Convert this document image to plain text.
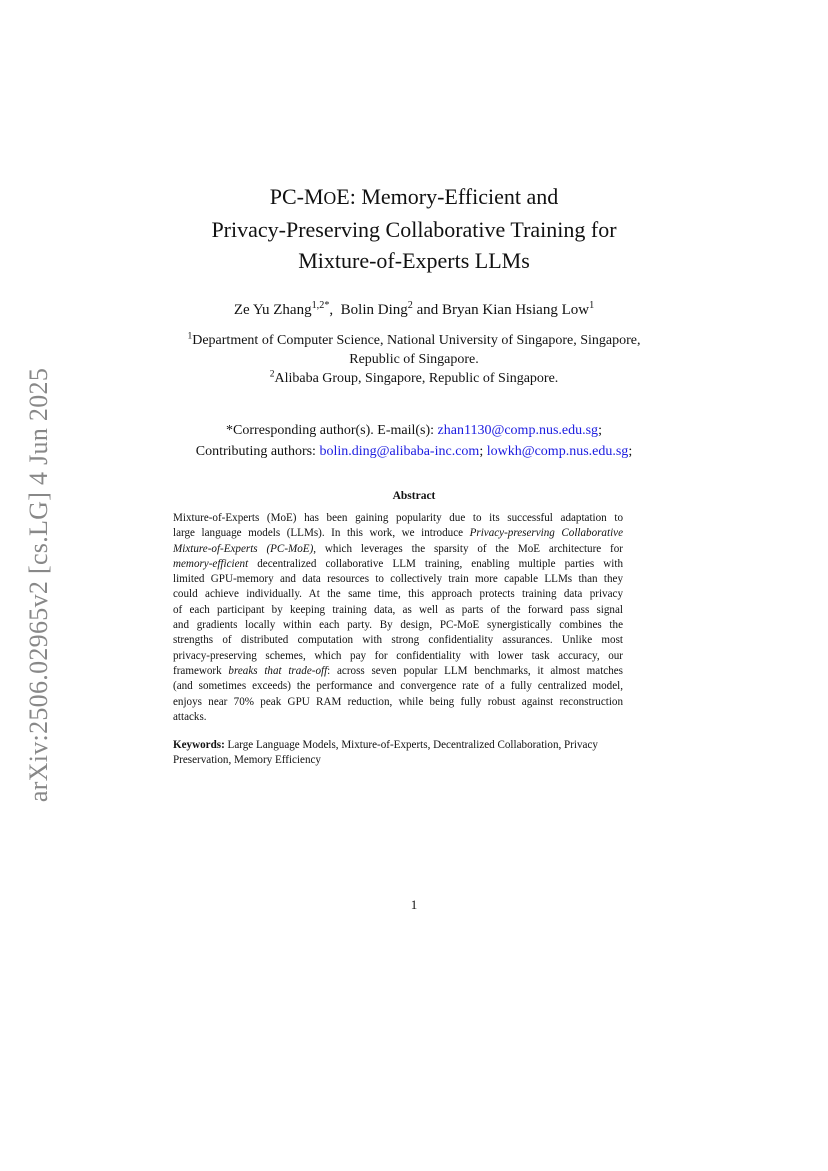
arXiv:2506.02965v2 [cs.LG] 4 Jun 2025
PC-MOE: Memory-Efficient and
Privacy-Preserving Collaborative Training for
Mixture-of-Experts LLMs
Ze Yu Zhang$^{1,2*}$,  Bolin Ding$^2$ and Bryan Kian Hsiang Low$^1$
$^1$Department of Computer Science, National University of Singapore, Singapore,
Republic of Singapore.
$^2$Alibaba Group, Singapore, Republic of Singapore.
*Corresponding author(s). E-mail(s): zhan1130@comp.nus.edu.sg;
Contributing authors: bolin.ding@alibaba-inc.com; lowkh@comp.nus.edu.sg;
Abstract
Mixture-of-Experts (MoE) has been gaining popularity due to its successful adaptation to
large language models (LLMs). In this work, we introduce Privacy-preserving Collaborative
Mixture-of-Experts (PC-MoE), which leverages the sparsity of the MoE architecture for
memory-efficient decentralized collaborative LLM training, enabling multiple parties with
limited GPU-memory and data resources to collectively train more capable LLMs than they
could achieve individually. At the same time, this approach protects training data privacy
of each participant by keeping training data, as well as parts of the forward pass signal
and gradients locally within each party. By design, PC-MoE synergistically combines the
strengths of distributed computation with strong confidentiality assurances. Unlike most
privacy-preserving schemes, which pay for confidentiality with lower task accuracy, our
framework breaks that trade-off: across seven popular LLM benchmarks, it almost matches
(and sometimes exceeds) the performance and convergence rate of a fully centralized model,
enjoys near 70% peak GPU RAM reduction, while being fully robust against reconstruction
attacks.
Keywords: Large Language Models, Mixture-of-Experts, Decentralized Collaboration, Privacy Preservation, Memory Efficiency
1
